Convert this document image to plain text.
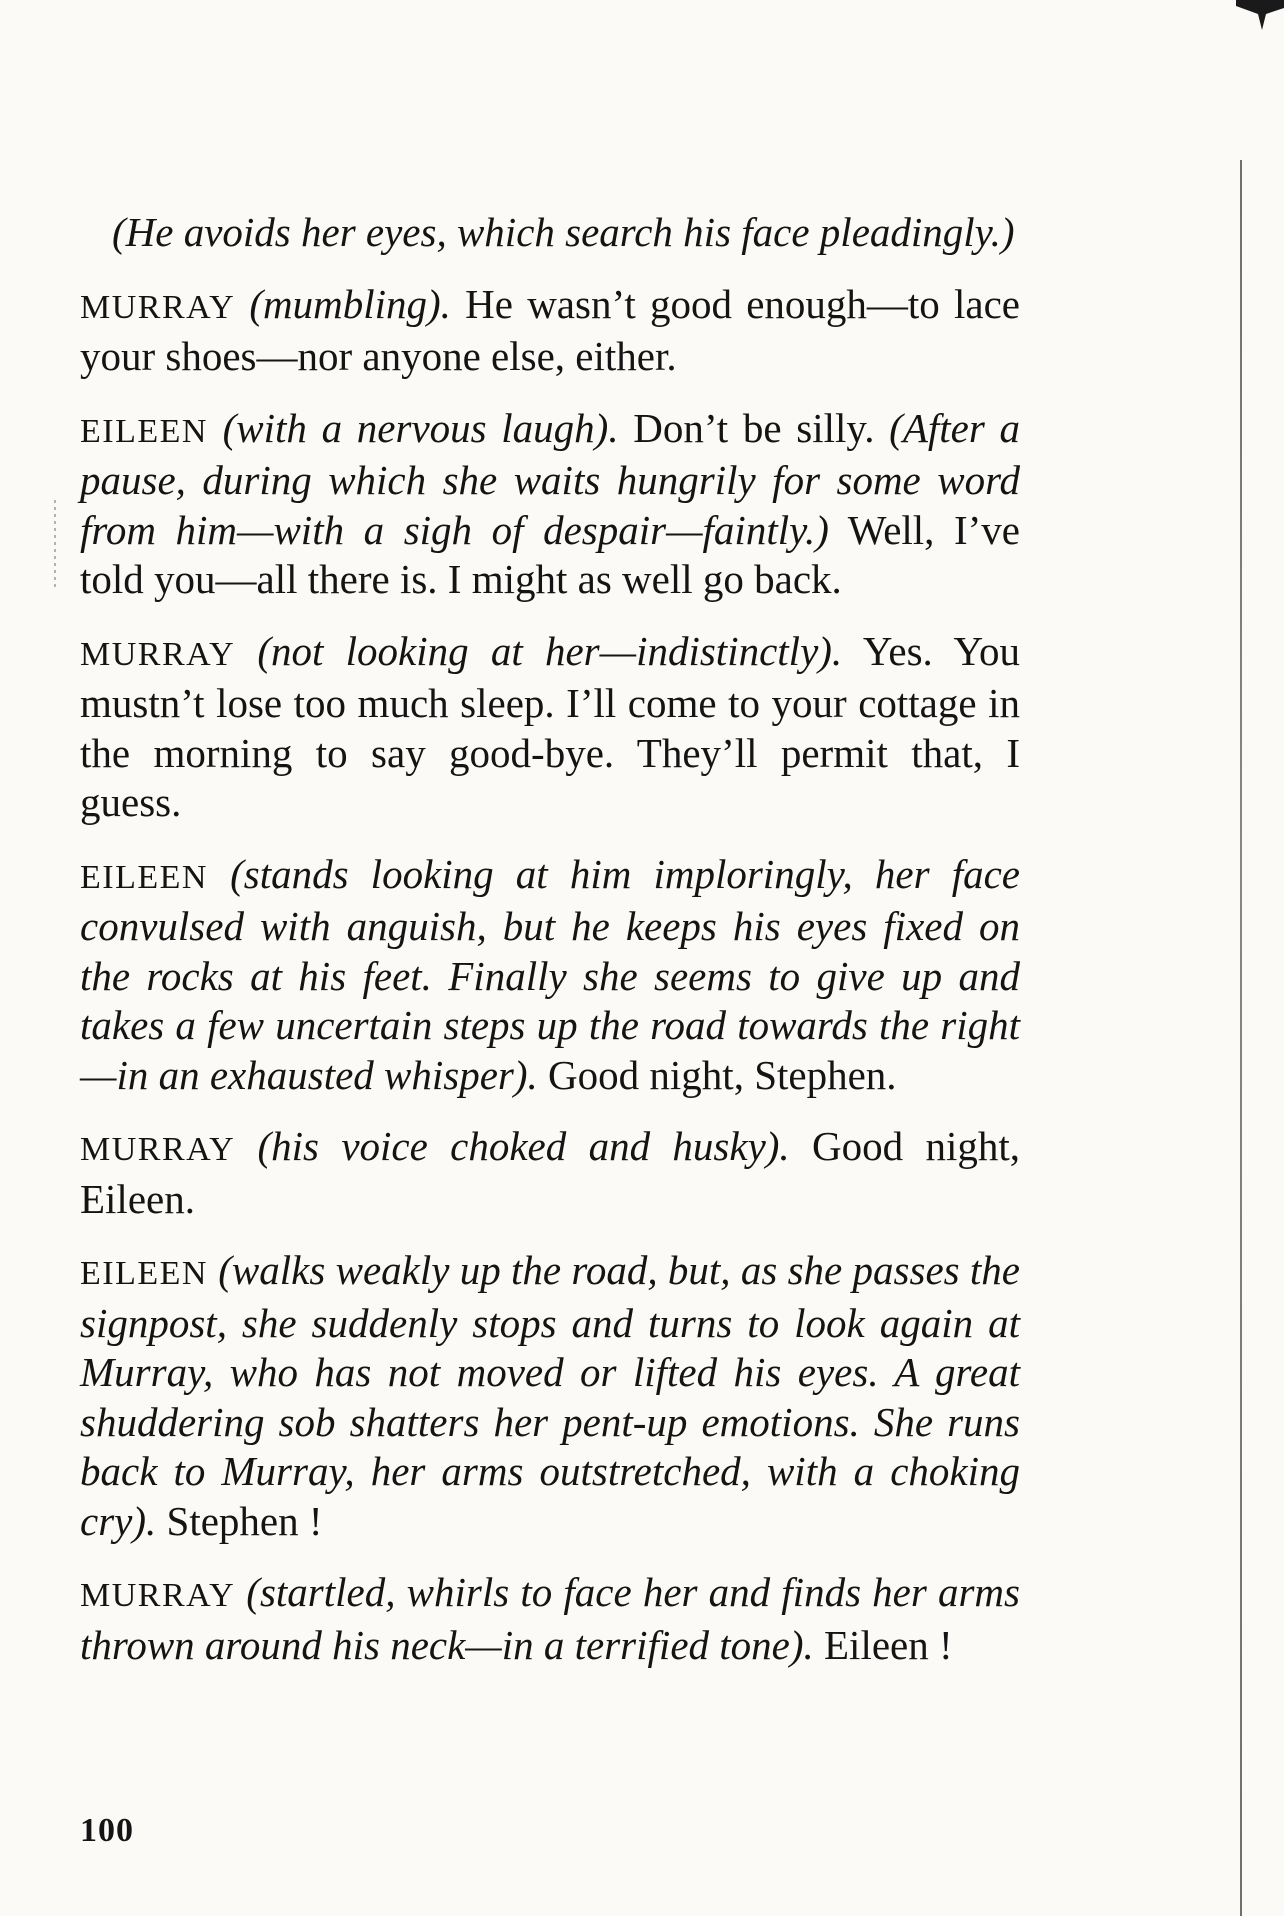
(He avoids her eyes, which search his face pleadingly.)

MURRAY (mumbling). He wasn’t good enough—to lace your shoes—nor anyone else, either.

EILEEN (with a nervous laugh). Don’t be silly. (After a pause, during which she waits hungrily for some word from him—with a sigh of despair—faintly.) Well, I’ve told you—all there is. I might as well go back.

MURRAY (not looking at her—indistinctly). Yes. You mustn’t lose too much sleep. I’ll come to your cottage in the morning to say good-bye. They’ll permit that, I guess.

EILEEN (stands looking at him imploringly, her face convulsed with anguish, but he keeps his eyes fixed on the rocks at his feet. Finally she seems to give up and takes a few uncertain steps up the road towards the right —in an exhausted whisper). Good night, Stephen.

MURRAY (his voice choked and husky). Good night, Eileen.

EILEEN (walks weakly up the road, but, as she passes the signpost, she suddenly stops and turns to look again at Murray, who has not moved or lifted his eyes. A great shuddering sob shatters her pent-up emotions. She runs back to Murray, her arms outstretched, with a choking cry). Stephen !

MURRAY (startled, whirls to face her and finds her arms thrown around his neck—in a terrified tone). Eileen !

100
